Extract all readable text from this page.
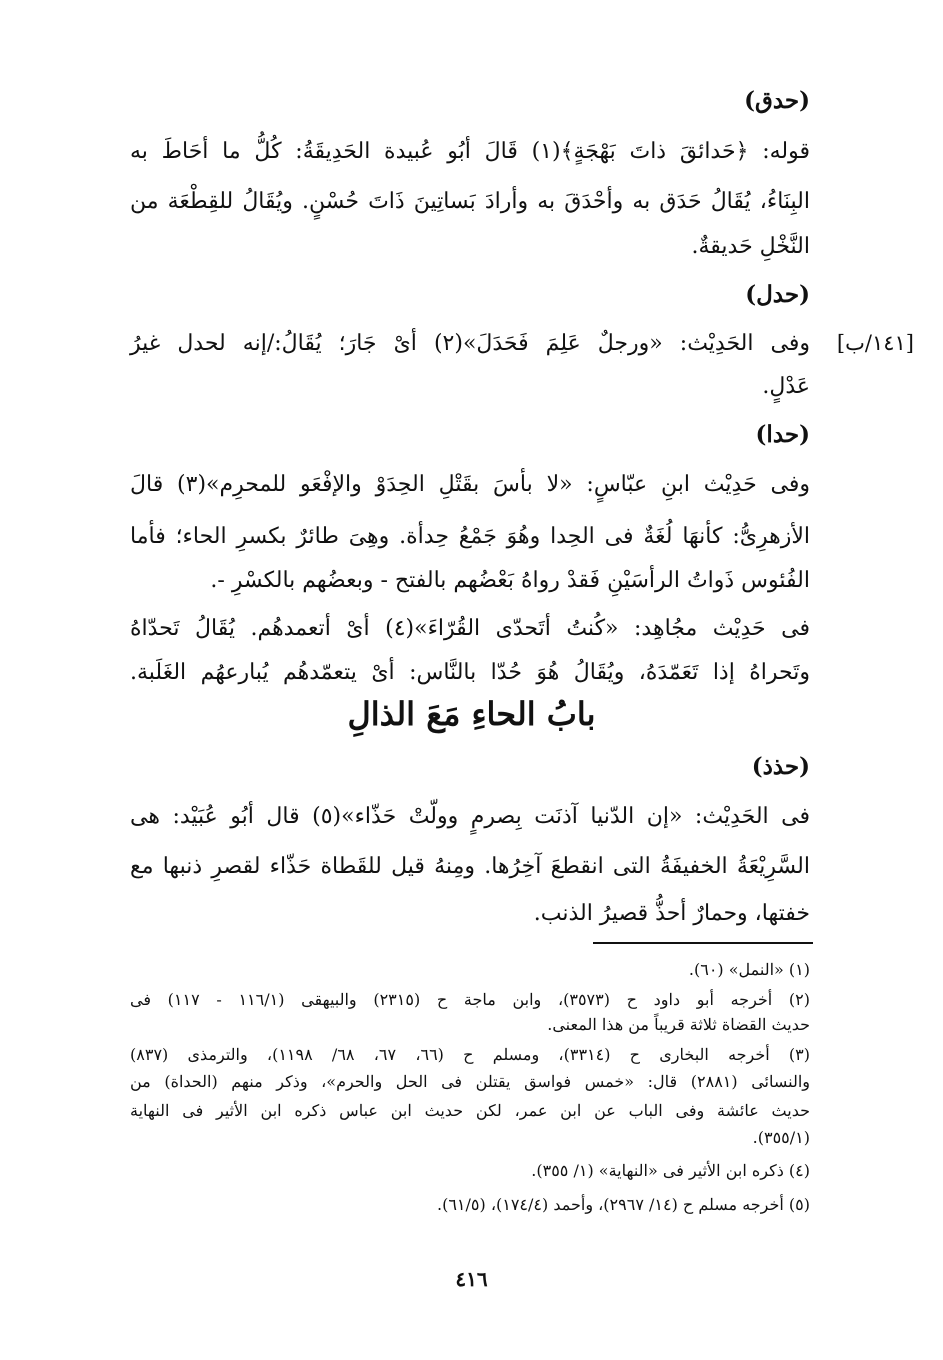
(حدق)
قوله: ﴿حَدائقَ ذاتَ بَهْجَةٍ﴾(١) قَالَ أبُو عُبيدة الحَدِيقَةُ: كُلُّ ما أحَاطَ به
البِنَاءُ، يُقَالُ حَدَق به وأحْدَقَ به وأرادَ بَساتِينَ ذَاتَ حُسْنٍ. ويُقَالُ للقِطْعَة من
النَّخْلِ حَديقةٌ.
(حدل)
[١٤١/ب]
وفى الحَدِيْث: «ورجلٌ عَلِمَ فَحَدَلَ»(٢) أىْ جَارَ؛ يُقَالُ:/إنه لحدل غيرُ
عَدْلٍ.
(حدا)
وفى حَدِيْث ابنِ عبّاسٍ: «لا بأسَ بقَتْلِ الحِدَوْ والإفْعَو للمحرِم»(٣) قالَ
الأزهرِىُّ: كأنهَا لُغَةٌ فى الحِدا وهُوَ جَمْعُ حِدأة. وهِىَ طائرٌ بكسرِ الحاء؛ فأما
الفُئوس ذَواتُ الرأسَيْنِ فَقدْ رواهُ بَعْضُهم بالفتح - وبعضُهم بالكسْرِ -.
فى حَدِيْث مجُاهِد: «كُنتُ أتَحدّى القُرّاءَ»(٤) أىْ أتعمدهُم. يُقَالُ تَحدّاهُ
وتَحراهُ إذا تَعَمّدَهُ، ويُقَالُ هُوَ حُدّا بالنَّاس: أىْ يتعمّدهُم يُبارعهُم الغَلَبة.
بابُ الحاءِ مَعَ الذالِ
(حذذ)
فى الحَدِيْث: «إن الدّنيا آذنَت بِصرمٍ وولّتْ حَذّاء»(٥) قال أبُو عُبَيْد: هى
السَّرِيْعَةُ الخفيفَةُ التى انقطعَ آخِرُها. ومِنهُ قيل للقَطاة حَذّاء لقصرِ ذنبها مع
خفتها، وحمارٌ أحذُّ قصيرُ الذنب.
(١) «النمل» (٦٠).
(٢) أخرجه أبو داود ح (٣٥٧٣)، وابن ماجة ح (٢٣١٥) والبيهقى (١١٦/١ - ١١٧) فى
حديث القضاة ثلاثة قريباً من هذا المعنى.
(٣) أخرجه البخارى ح (٣٣١٤)، ومسلم ح (٦٦، ٦٧، ٦٨/ ١١٩٨)، والترمذى (٨٣٧)
والنسائى (٢٨٨١) قال: «خمس فواسق يقتلن فى الحل والحرم»، وذكر منهم (الحداة) من
حديث عائشة وفى الباب عن ابن عمر، لكن حديث ابن عباس ذكره ابن الأثير فى النهاية
(٣٥٥/١).
(٤) ذكره ابن الأثير فى «النهاية» (١/ ٣٥٥).
(٥) أخرجه مسلم ح (١٤/ ٢٩٦٧)، وأحمد (١٧٤/٤)، (٦١/٥).
٤١٦
